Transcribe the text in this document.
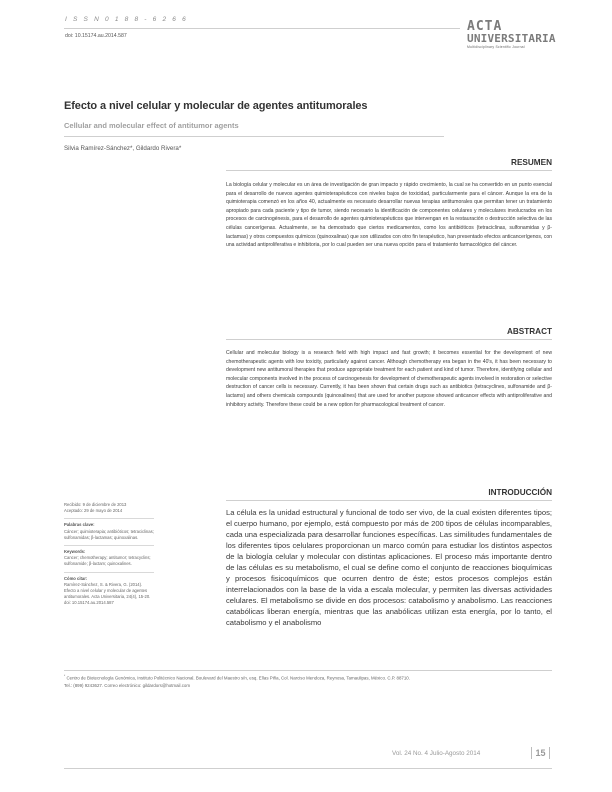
I S S N 0 1 8 8 - 6 2 6 6
doi: 10.15174.au.2014.587
ACTA
UNIVERSITARIA
Multidisciplinary Scientific Journal
Efecto a nivel celular y molecular de agentes antitumorales
Cellular and molecular effect of antitumor agents
Silvia Ramírez-Sánchez*, Gildardo Rivera*
RESUMEN

La biología celular y molecular es un área de investigación de gran impacto y rápido crecimiento, la cual se ha convertido en un punto esencial para el desarrollo de nuevos agentes quimioterapéuticos con niveles bajos de toxicidad, particularmente para el cáncer. Aunque la era de la quimioterapia comenzó en los años 40, actualmente es necesario desarrollar nuevas terapias antitumorales que permitan tener un tratamiento apropiado para cada paciente y tipo de tumor, siendo necesario la identificación de componentes celulares y moleculares involucrados en los procesos de carcinogénesis, para el desarrollo de agentes quimioterapéuticos que intervengan en la restauración o destrucción selectiva de las células cancerígenas. Actualmente, se ha demostrado que ciertos medicamentos, como los antibióticos (tetraciclinas, sulfonamidas y β-lactamas) y otros compuestos químicos (quinoxalinas) que son utilizados con otro fin terapéutico, han presentado efectos anticancerígenos, con una actividad antiproliferativa e inhibitoria, por lo cual pueden ser una nueva opción para el tratamiento farmacológico del cáncer.

ABSTRACT

Cellular and molecular biology is a research field with high impact and fast growth; it becomes essential for the development of new chemotherapeutic agents with low toxicity, particularly against cancer. Although chemotherapy era began in the 40's, it has been necessary to development new antitumoral therapies that produce appropriate treatment for each patient and kind of tumor. Therefore, identifying cellular and molecular components involved in the process of carcinogenesis for development of chemotherapeutic agents involved in restoration or selective destruction of cancer cells is necessary. Currently, it has been shown that certain drugs such as antibiotics (tetracyclines, sulfonamide and β-lactams) and others chemicals compounds (quinoxalines) that are used for another purpose showed anticancer effects with antiproliferative and inhibitory activity. Therefore these could be a new option for pharmacological treatment of cancer.

Recibido: 9 de diciembre de 2013
Aceptado: 29 de mayo de 2014
Palabras clave:
Cáncer; quimioterapia; antibióticos; tetraciclinas; sulfonamidas; β-lactamas; quinoxalinas.
Keywords:
Cancer; chemotherapy; antitumor; tetracyclins; sulfonamide; β-lactam; quinoxalines.
Cómo citar:
Ramírez-Sánchez, S. & Rivera, G. (2014). Efecto a nivel celular y molecular de agentes antitumorales. Acta Universitaria, 24(4), 15-20. doi: 10.15174.au.2014.587
INTRODUCCIÓN

La célula es la unidad estructural y funcional de todo ser vivo, de la cual existen diferentes tipos; el cuerpo humano, por ejemplo, está compuesto por más de 200 tipos de células incomparables, cada una especializada para desarrollar funciones específicas. Las similitudes fundamentales de los diferentes tipos celulares proporcionan un marco común para estudiar los distintos aspectos de la biología celular y molecular con distintas aplicaciones. El proceso más importante dentro de las células es su metabolismo, el cual se define como el conjunto de reacciones bioquímicas y procesos fisicoquímicos que ocurren dentro de éste; estos procesos complejos están interrelacionados con la base de la vida a escala molecular, y permiten las diversas actividades celulares. El metabolismo se divide en dos procesos: catabolismo y anabolismo. Las reacciones catabólicas liberan energía, mientras que las anabólicas utilizan esta energía, por lo tanto, el catabolismo y el anabolismo

* Centro de Biotecnología Genómica, Instituto Politécnico Nacional. Boulevard del Maestro s/n, esq. Elías Piña, Col. Narciso Mendoza, Reynosa, Tamaulipas, México. C.P. 88710.
Tel.: (899) 9243627. Correo electrónico: gildardors@hotmail.com
Vol. 24 No. 4 Julio-Agosto 2014	15
